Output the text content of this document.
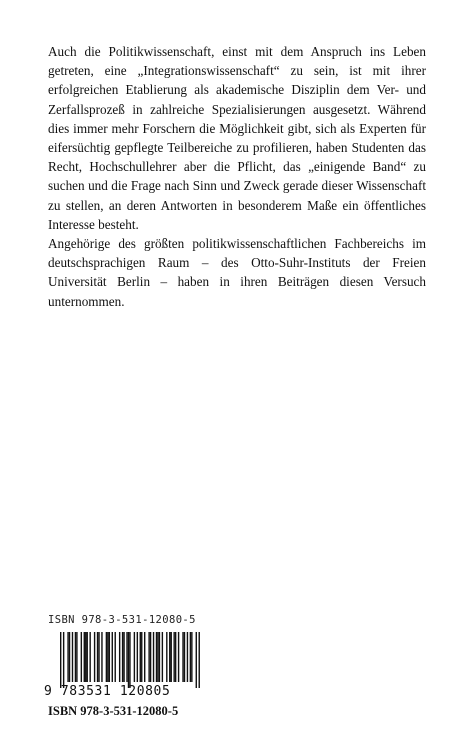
Auch die Politikwissenschaft, einst mit dem Anspruch ins Leben getreten, eine „Integrationswissenschaft“ zu sein, ist mit ihrer erfolgreichen Etablierung als akademische Disziplin dem Ver- und Zerfallsprozeß in zahlreiche Spezialisierungen ausgesetzt. Während dies immer mehr Forschern die Möglichkeit gibt, sich als Experten für eifersüchtig gepflegte Teilbereiche zu profilieren, haben Studenten das Recht, Hochschullehrer aber die Pflicht, das „einigende Band“ zu suchen und die Frage nach Sinn und Zweck gerade dieser Wissenschaft zu stellen, an deren Antworten in besonderem Maße ein öffentliches Interesse besteht.

Angehörige des größten politikwissenschaftlichen Fachbereichs im deutschsprachigen Raum – des Otto-Suhr-Instituts der Freien Universität Berlin – haben in ihren Beiträgen diesen Versuch unternommen.

ISBN 978-3-531-12080-5
9 783531 120805
ISBN 978-3-531-12080-5
